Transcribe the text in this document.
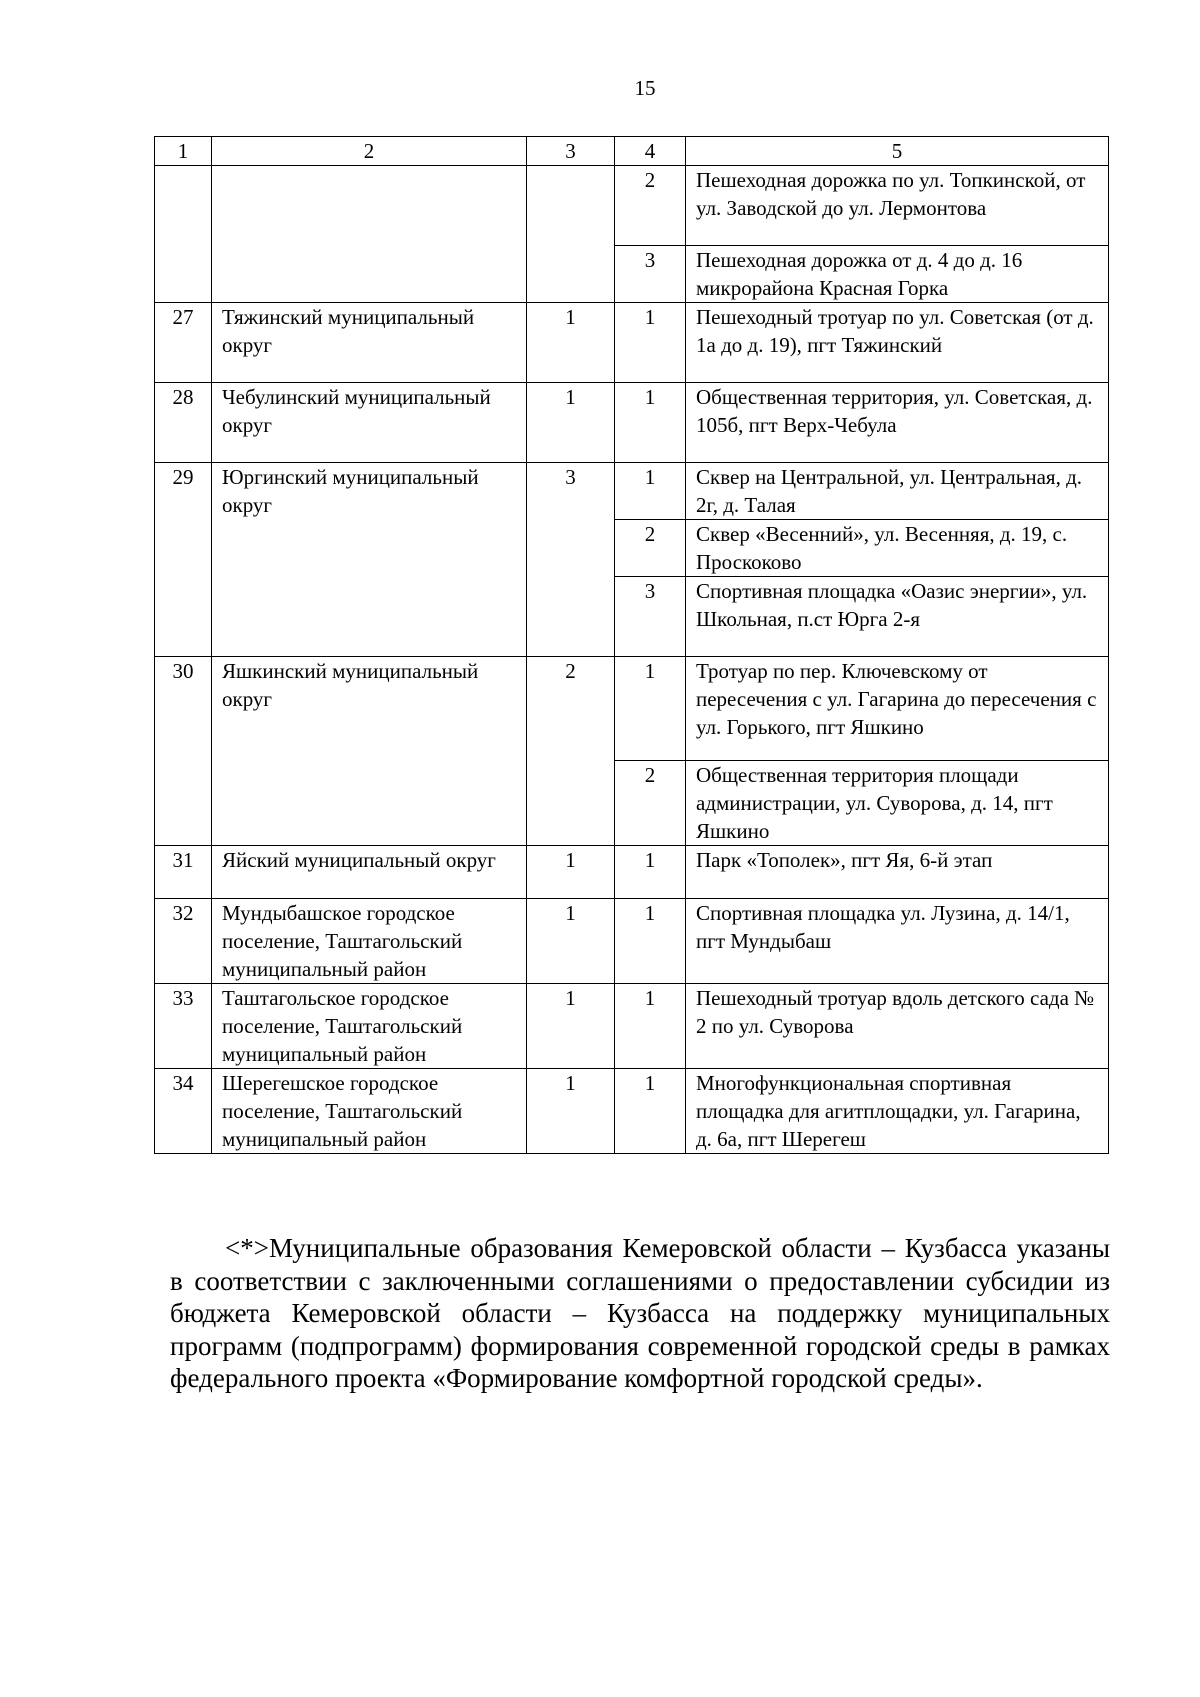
15
1	2	3	4	5
			2	Пешеходная дорожка по ул. Топкинской, от ул. Заводской до ул. Лермонтова
			3	Пешеходная дорожка от д. 4 до д. 16 микрорайона Красная Горка
27	Тяжинский муниципальный округ	1	1	Пешеходный тротуар по ул. Советская (от д. 1а до д. 19), пгт Тяжинский
28	Чебулинский муниципальный округ	1	1	Общественная территория, ул. Советская, д. 105б, пгт Верх-Чебула
29	Юргинский муниципальный округ	3	1	Сквер на Центральной, ул. Центральная, д. 2г, д. Талая
			2	Сквер «Весенний», ул. Весенняя, д. 19, с. Проскоково
			3	Спортивная площадка «Оазис энергии», ул. Школьная, п.ст Юрга 2-я
30	Яшкинский муниципальный округ	2	1	Тротуар по пер. Ключевскому от пересечения с ул. Гагарина до пересечения с ул. Горького, пгт Яшкино
			2	Общественная территория площади администрации, ул. Суворова, д. 14, пгт Яшкино
31	Яйский муниципальный округ	1	1	Парк «Тополек», пгт Яя, 6-й этап
32	Мундыбашское городское поселение, Таштагольский муниципальный район	1	1	Спортивная площадка ул. Лузина, д. 14/1, пгт Мундыбаш
33	Таштагольское городское поселение, Таштагольский муниципальный район	1	1	Пешеходный тротуар вдоль детского сада № 2 по ул. Суворова
34	Шерегешское городское поселение, Таштагольский муниципальный район	1	1	Многофункциональная спортивная площадка для агитплощадки, ул. Гагарина, д. 6а, пгт Шерегеш

<*>Муниципальные образования Кемеровской области – Кузбасса указаны в соответствии с заключенными соглашениями о предоставлении субсидии из бюджета Кемеровской области – Кузбасса на поддержку муниципальных программ (подпрограмм) формирования современной городской среды в рамках федерального проекта «Формирование комфортной городской среды».
